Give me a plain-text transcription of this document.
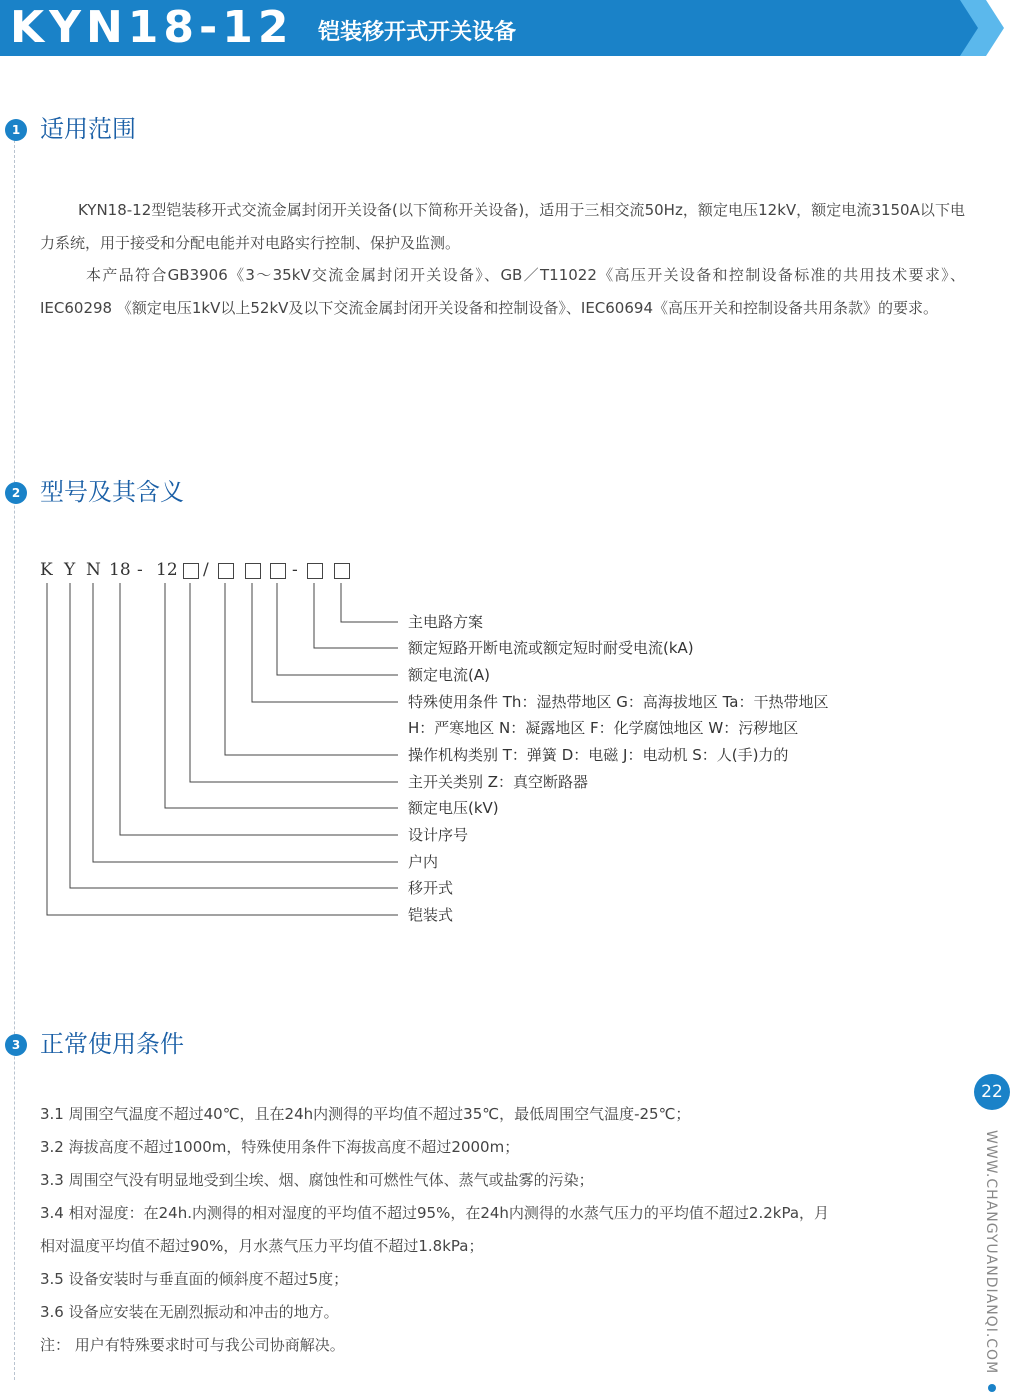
KYN18-12 铠装移开式开关设备
1 适用范围

KYN18-12型铠装移开式交流金属封闭开关设备(以下简称开关设备)，适用于三相交流50Hz，额定电压12kV，额定电流3150A以下电力系统，用于接受和分配电能并对电路实行控制、保护及监测。

本产品符合GB3906《3～35kV交流金属封闭开关设备》、GB／T11022《高压开关设备和控制设备标准的共用技术要求》、IEC60298 《额定电压1kV以上52kV及以下交流金属封闭开关设备和控制设备》、IEC60694《高压开关和控制设备共用条款》的要求。

2 型号及其含义
K Y N 18 - 12 /	-
主电路方案
额定短路开断电流或额定短时耐受电流(kA)
额定电流(A)
特殊使用条件 Th：湿热带地区 G：高海拔地区 Ta：干热带地区
H：严寒地区 N：凝露地区 F：化学腐蚀地区 W：污秽地区
操作机构类别 T：弹簧 D：电磁 J：电动机 S：人(手)力的
主开关类别 Z：真空断路器
额定电压(kV)
设计序号
户内
移开式
铠装式
3 正常使用条件
3.1 周围空气温度不超过40℃，且在24h内测得的平均值不超过35℃，最低周围空气温度-25℃；
3.2 海拔高度不超过1000m，特殊使用条件下海拔高度不超过2000m；
3.3 周围空气没有明显地受到尘埃、烟、腐蚀性和可燃性气体、蒸气或盐雾的污染；
3.4 相对湿度：在24h.内测得的相对湿度的平均值不超过95%，在24h内测得的水蒸气压力的平均值不超过2.2kPa，月
相对温度平均值不超过90%，月水蒸气压力平均值不超过1.8kPa；
3.5 设备安装时与垂直面的倾斜度不超过5度；
3.6 设备应安装在无剧烈振动和冲击的地方。
注： 用户有特殊要求时可与我公司协商解决。
22
WWW.CHANGYUANDIANQI.COM
